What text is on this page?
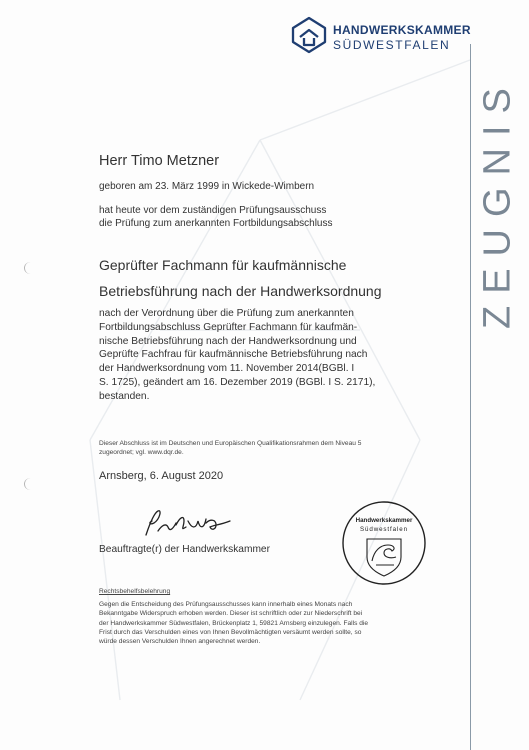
HANDWERKSKAMMER
SÜDWESTFALEN
ZEUGNIS
Herr Timo Metzner
geboren am 23. März 1999 in Wickede-Wimbern
hat heute vor dem zuständigen Prüfungsausschuss
die Prüfung zum anerkannten Fortbildungsabschluss
Geprüfter Fachmann für kaufmännische
Betriebsführung nach der Handwerksordnung
nach der Verordnung über die Prüfung zum anerkannten
Fortbildungsabschluss Geprüfter Fachmann für kaufmän-
nische Betriebsführung nach der Handwerksordnung und
Geprüfte Fachfrau für kaufmännische Betriebsführung nach
der Handwerksordnung vom 11. November 2014(BGBl. I
S. 1725), geändert am 16. Dezember 2019 (BGBl. I S. 2171),
bestanden.
Dieser Abschluss ist im Deutschen und Europäischen Qualifikationsrahmen dem Niveau 5
zugeordnet; vgl. www.dqr.de.
Arnsberg, 6. August 2020
Beauftragte(r) der Handwerkskammer
Handwerkskammer
Südwestfalen
Rechtsbehelfsbelehrung
Gegen die Entscheidung des Prüfungsausschusses kann innerhalb eines Monats nach
Bekanntgabe Widerspruch erhoben werden. Dieser ist schriftlich oder zur Niederschrift bei
der Handwerkskammer Südwestfalen, Brückenplatz 1, 59821 Arnsberg einzulegen. Falls die
Frist durch das Verschulden eines von Ihnen Bevollmächtigten versäumt werden sollte, so
würde dessen Verschulden Ihnen angerechnet werden.
